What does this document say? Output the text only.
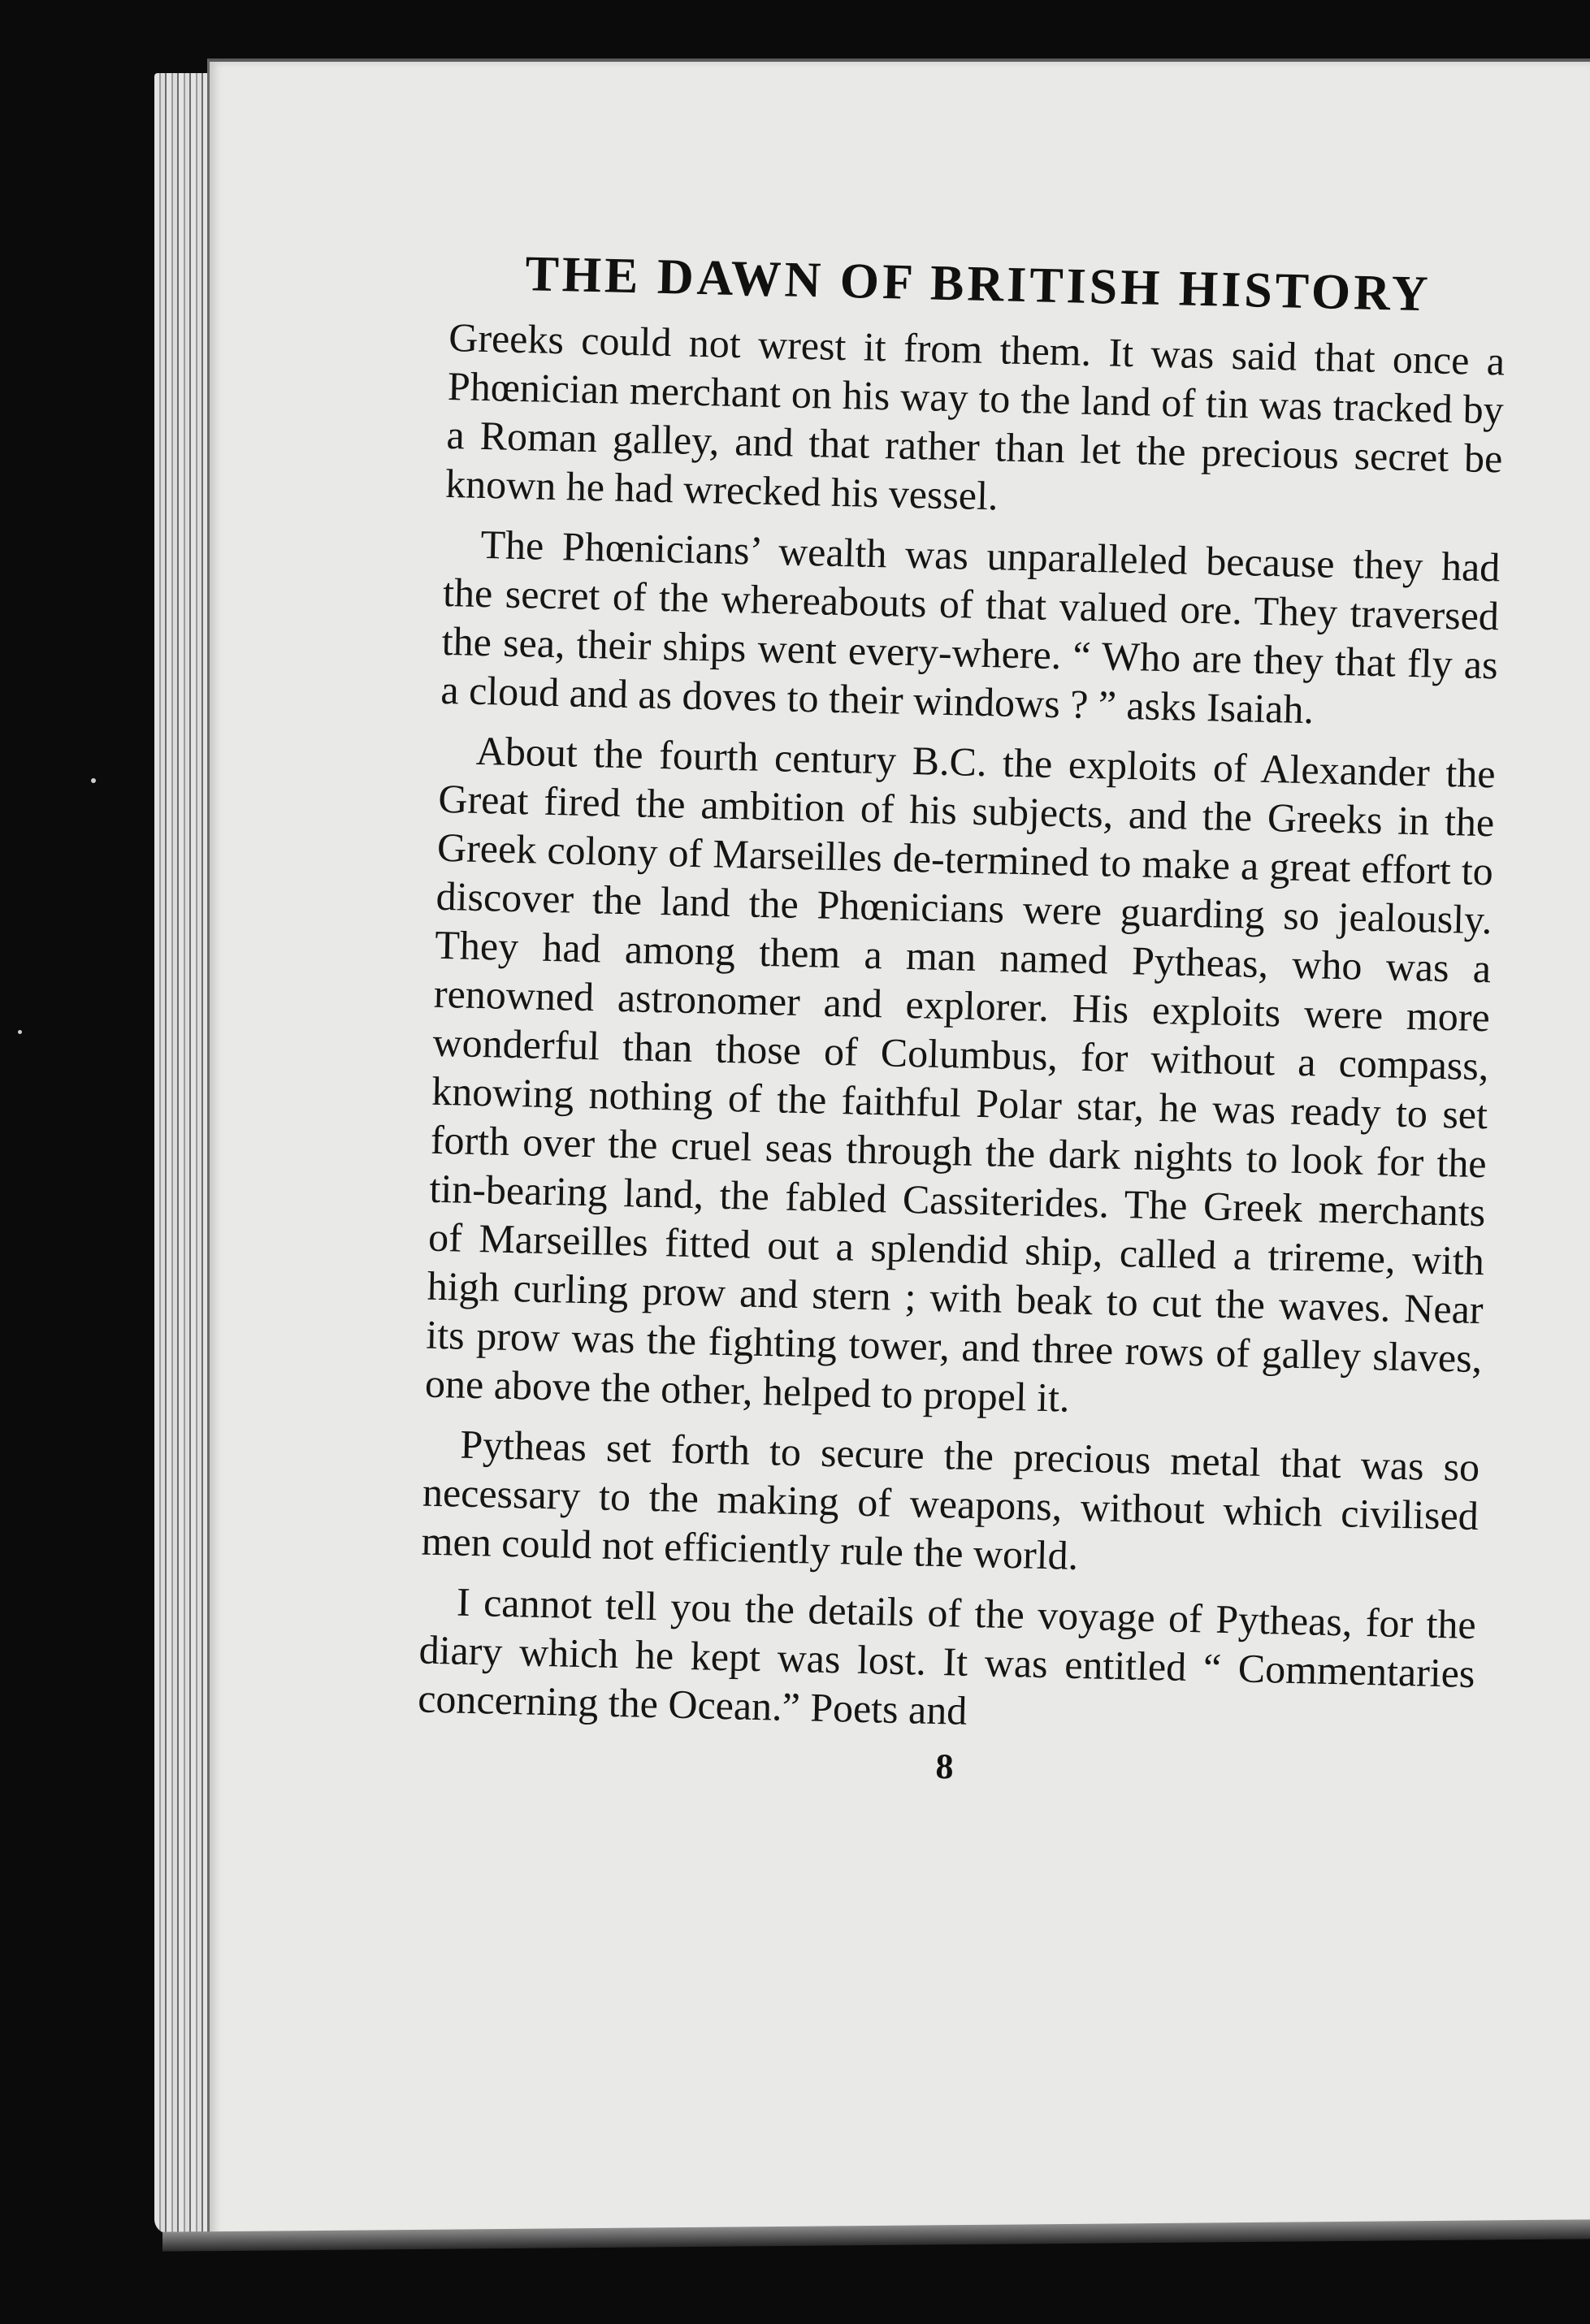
THE DAWN OF BRITISH HISTORY

Greeks could not wrest it from them. It was said that once a Phœnician merchant on his way to the land of tin was tracked by a Roman galley, and that rather than let the precious secret be known he had wrecked his vessel.

The Phœnicians’ wealth was unparalleled because they had the secret of the whereabouts of that valued ore. They traversed the sea, their ships went every-where. “ Who are they that fly as a cloud and as doves to their windows ? ” asks Isaiah.

About the fourth century B.C. the exploits of Alexander the Great fired the ambition of his subjects, and the Greeks in the Greek colony of Marseilles de-termined to make a great effort to discover the land the Phœnicians were guarding so jealously. They had among them a man named Pytheas, who was a renowned astronomer and explorer. His exploits were more wonderful than those of Columbus, for without a compass, knowing nothing of the faithful Polar star, he was ready to set forth over the cruel seas through the dark nights to look for the tin-bearing land, the fabled Cassiterides. The Greek merchants of Marseilles fitted out a splendid ship, called a trireme, with high curling prow and stern ; with beak to cut the waves. Near its prow was the fighting tower, and three rows of galley slaves, one above the other, helped to propel it.

Pytheas set forth to secure the precious metal that was so necessary to the making of weapons, without which civilised men could not efficiently rule the world.

I cannot tell you the details of the voyage of Pytheas, for the diary which he kept was lost. It was entitled “ Commentaries concerning the Ocean.” Poets and

8
